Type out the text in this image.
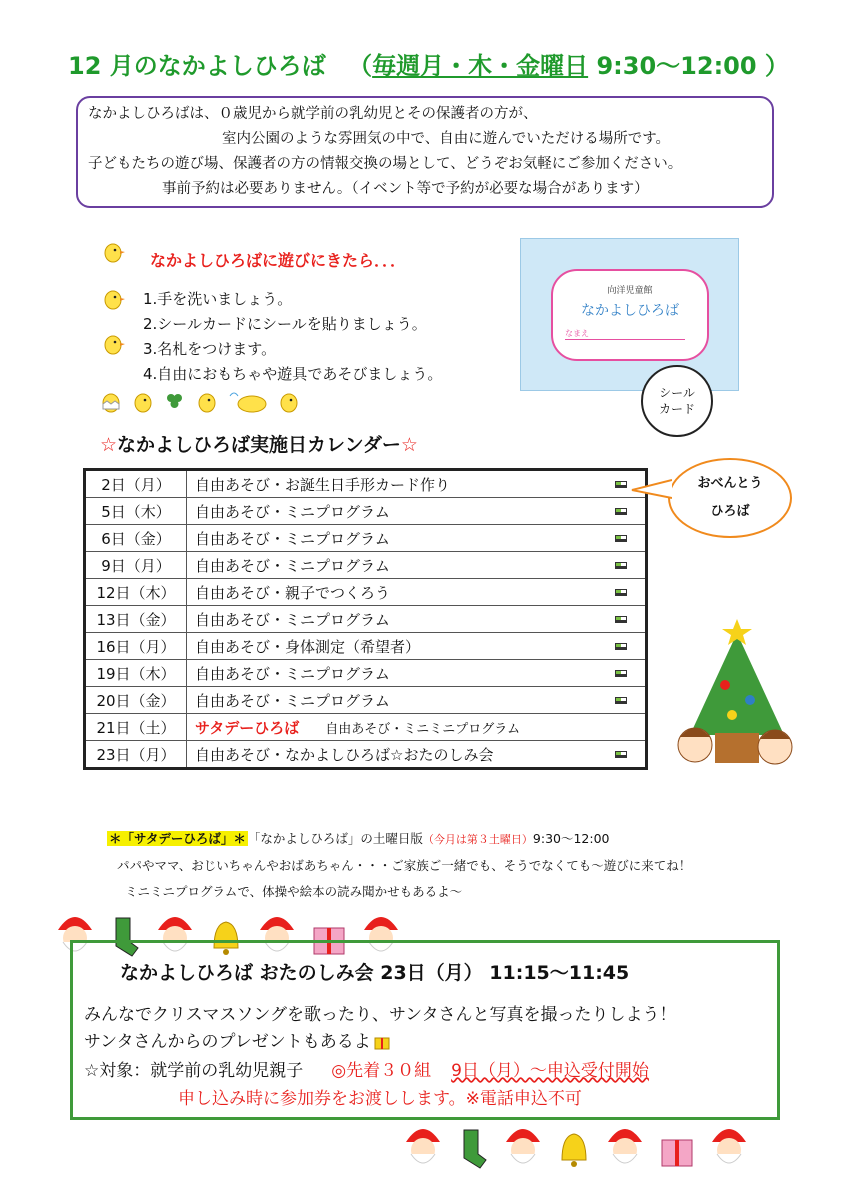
12 月のなかよしひろば （毎週月・木・金曜日 9:30～12:00 ）

なかよしひろばは、０歳児から就学前の乳幼児とその保護者の方が、

室内公園のような雰囲気の中で、自由に遊んでいただける場所です。

子どもたちの遊び場、保護者の方の情報交換の場として、どうぞお気軽にご参加ください。

事前予約は必要ありません。（イベント等で予約が必要な場合があります）

なかよしひろばに遊びにきたら．．．
1.手を洗いましょう。
2.シールカードにシールを貼りましょう。
3.名札をつけます。
4.自由におもちゃや遊具であそびましょう。
向洋児童館
なかよしひろば
なまえ
シール
カード
☆なかよしひろば実施日カレンダー☆
2日（月）	自由あそび・お誕生日手形カード作り

5日（木）	自由あそび・ミニプログラム

6日（金）	自由あそび・ミニプログラム

9日（月）	自由あそび・ミニプログラム

12日（木）	自由あそび・親子でつくろう

13日（金）	自由あそび・ミニプログラム

16日（月）	自由あそび・身体測定（希望者）

19日（木）	自由あそび・ミニプログラム

20日（金）	自由あそび・ミニプログラム

21日（土）	サタデーひろば 自由あそび・ミニミニプログラム
23日（月）	自由あそび・なかよしひろば☆おたのしみ会
おべんとう
ひろば

＊「サタデーひろば」＊ 「なかよしひろば」の土曜日版（今月は第３土曜日）9:30～12:00

パパやママ、おじいちゃんやおばあちゃん・・・ご家族ご一緒でも、そうでなくても～遊びに来てね！

ミニミニプログラムで、体操や絵本の読み聞かせもあるよ～

なかよしひろば おたのしみ会 23日（月） 11:15～11:45
みんなでクリスマスソングを歌ったり、サンタさんと写真を撮ったりしよう！
サンタさんからのプレゼントもあるよ
☆対象：就学前の乳幼児親子 ◎先着３０組 9日（月）～申込受付開始
申し込み時に参加券をお渡しします。※電話申込不可
